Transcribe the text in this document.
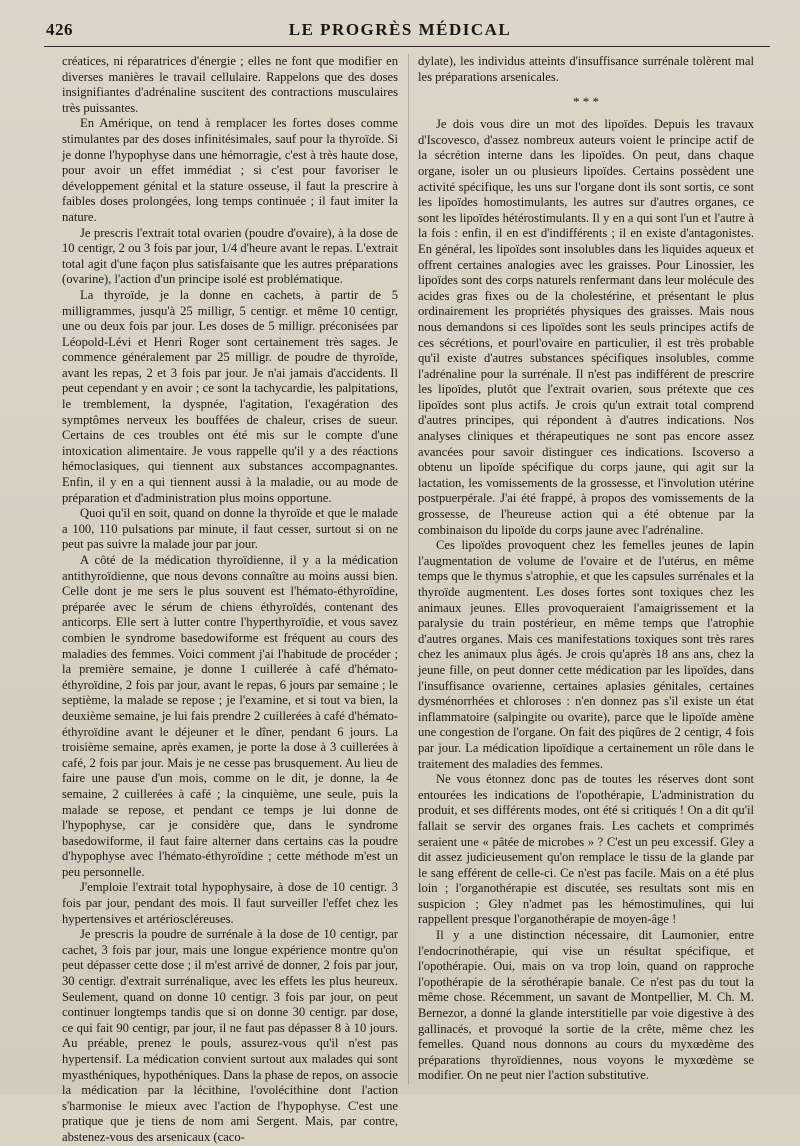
426	LE PROGRÈS MÉDICAL

créatices, ni réparatrices d'énergie ; elles ne font que modifier en diverses manières le travail cellulaire. Rappelons que des doses insignifiantes d'adrénaline suscitent des contractions musculaires très puissantes.

En Amérique, on tend à remplacer les fortes doses comme stimulantes par des doses infinitésimales, sauf pour la thyroïde. Si je donne l'hypophyse dans une hémorragie, c'est à très haute dose, pour avoir un effet immédiat ; si c'est pour favoriser le développement génital et la stature osseuse, il faut la prescrire à faibles doses prolongées, long temps continuée ; il faut imiter la nature.

Je prescris l'extrait total ovarien (poudre d'ovaire), à la dose de 10 centigr, 2 ou 3 fois par jour, 1/4 d'heure avant le repas. L'extrait total agit d'une façon plus satisfaisante que les autres préparations (ovarine), l'action d'un principe isolé est problématique.

La thyroïde, je la donne en cachets, à partir de 5 milligrammes, jusqu'à 25 milligr, 5 centigr. et même 10 centigr, une ou deux fois par jour. Les doses de 5 milligr. préconisées par Léopold-Lévi et Henri Roger sont certainement très sages. Je commence généralement par 25 milligr. de poudre de thyroïde, avant les repas, 2 et 3 fois par jour. Je n'ai jamais d'accidents. Il peut cependant y en avoir ; ce sont la tachycardie, les palpitations, le tremblement, la dyspnée, l'agitation, l'exagération des symptômes nerveux les bouffées de chaleur, crises de sueur. Certains de ces troubles ont été mis sur le compte d'une intoxication alimentaire. Je vous rappelle qu'il y a des réactions hémoclasiques, qui tiennent aux substances accompagnantes. Enfin, il y en a qui tiennent aussi à la maladie, ou au mode de préparation et d'administration plus moins opportune.

Quoi qu'il en soit, quand on donne la thyroïde et que le malade a 100, 110 pulsations par minute, il faut cesser, surtout si on ne peut pas suivre la malade jour par jour.

A côté de la médication thyroïdienne, il y a la médication antithyroïdienne, que nous devons connaître au moins aussi bien. Celle dont je me sers le plus souvent est l'hémato-éthyroïdine, préparée avec le sérum de chiens éthyroïdés, contenant des anticorps. Elle sert à lutter contre l'hyperthyroïdie, et vous savez combien le syndrome basedowiforme est fréquent au cours des maladies des femmes. Voici comment j'ai l'habitude de procéder ; la première semaine, je donne 1 cuillerée à café d'hémato-éthyroïdine, 2 fois par jour, avant le repas, 6 jours par semaine ; le septième, la malade se repose ; je l'examine, et si tout va bien, la deuxième semaine, je lui fais prendre 2 cuillerées à café d'hémato-éthyroïdine avant le déjeuner et le dîner, pendant 6 jours. La troisième semaine, après examen, je porte la dose à 3 cuillerées à café, 2 fois par jour. Mais je ne cesse pas brusquement. Au lieu de faire une pause d'un mois, comme on le dit, je donne, la 4e semaine, 2 cuillerées à café ; la cinquième, une seule, puis la malade se repose, et pendant ce temps je lui donne de l'hypophyse, car je considère que, dans le syndrome basedowiforme, il faut faire alterner dans certains cas la poudre d'hypophyse avec l'hémato-éthyroïdine ; cette méthode m'est un peu personnelle.

J'emploie l'extrait total hypophysaire, à dose de 10 centigr. 3 fois par jour, pendant des mois. Il faut surveiller l'effet chez les hypertensives et artérioscléreuses.

Je prescris la poudre de surrénale à la dose de 10 centigr, par cachet, 3 fois par jour, mais une longue expérience montre qu'on peut dépasser cette dose ; il m'est arrivé de donner, 2 fois par jour, 30 centigr. d'extrait surrénalique, avec les effets les plus heureux. Seulement, quand on donne 10 centigr. 3 fois par jour, on peut continuer longtemps tandis que si on donne 30 centigr. par dose, ce qui fait 90 centigr, par jour, il ne faut pas dépasser 8 à 10 jours. Au préable, prenez le pouls, assurez-vous qu'il n'est pas hypertensif. La médication convient surtout aux malades qui sont myasthéniques, hypothéniques. Dans la phase de repos, on associe la médication par la lécithine, l'ovolécithine dont l'action s'harmonise le mieux avec l'action de l'hypophyse. C'est une pratique que je tiens de nom ami Sergent. Mais, par contre, abstenez-vous des arsenicaux (caco-

dylate), les individus atteints d'insuffisance surrénale tolèrent mal les préparations arsenicales.

* * *

Je dois vous dire un mot des lipoïdes. Depuis les travaux d'Iscovesco, d'assez nombreux auteurs voient le principe actif de la sécrétion interne dans les lipoïdes. On peut, dans chaque organe, isoler un ou plusieurs lipoïdes. Certains possèdent une activité spécifique, les uns sur l'organe dont ils sont sortis, ce sont les lipoïdes homostimulants, les autres sur d'autres organes, ce sont les lipoïdes hétérostimulants. Il y en a qui sont l'un et l'autre à la fois : enfin, il en est d'indifférents ; il en existe d'antagonistes. En général, les lipoïdes sont insolubles dans les liquides aqueux et offrent certaines analogies avec les graisses. Pour Linossier, les lipoïdes sont des corps naturels renfermant dans leur molécule des acides gras fixes ou de la cholestérine, et présentant le plus ordinairement les propriétés physiques des graisses. Mais nous nous demandons si ces lipoïdes sont les seuls principes actifs de ces sécrétions, et pourl'ovaire en particulier, il est très probable qu'il existe d'autres substances spécifiques insolubles, comme l'adrénaline pour la surrénale. Il n'est pas indifférent de prescrire les lipoïdes, plutôt que l'extrait ovarien, sous prétexte que ces lipoïdes sont plus actifs. Je crois qu'un extrait total comprend d'autres principes, qui répondent à d'autres indications. Nos analyses cliniques et thérapeutiques ne sont pas encore assez avancées pour savoir distinguer ces indications. Iscoverso a obtenu un lipoïde spécifique du corps jaune, qui agit sur la lactation, les vomissements de la grossesse, et l'involution utérine postpuerpérale. J'ai été frappé, à propos des vomissements de la grossesse, de l'heureuse action qui a été obtenue par la combinaison du lipoïde du corps jaune avec l'adrénaline.

Ces lipoïdes provoquent chez les femelles jeunes de lapin l'augmentation de volume de l'ovaire et de l'utérus, en même temps que le thymus s'atrophie, et que les capsules surrénales et la thyroïde augmentent. Les doses fortes sont toxiques chez les animaux jeunes. Elles provoqueraient l'amaigrissement et la paralysie du train postérieur, en même temps que l'atrophie d'autres organes. Mais ces manifestations toxiques sont très rares chez les animaux plus âgés. Je crois qu'après 18 ans ans, chez la jeune fille, on peut donner cette médication par les lipoïdes, dans l'insuffisance ovarienne, certaines aplasies génitales, certaines dysménorrhées et chloroses : n'en donnez pas s'il existe un état inflammatoire (salpingite ou ovarite), parce que le lipoïde amène une congestion de l'organe. On fait des piqûres de 2 centigr, 4 fois par jour. La médication lipoïdique a certainement un rôle dans le traitement des maladies des femmes.

Ne vous étonnez donc pas de toutes les réserves dont sont entourées les indications de l'opothérapie, L'administration du produit, et ses différents modes, ont été si critiqués ! On a dit qu'il fallait se servir des organes frais. Les cachets et comprimés seraient une « pâtée de microbes » ? C'est un peu excessif. Gley a dit assez judicieusement qu'on remplace le tissu de la glande par le sang efférent de celle-ci. Ce n'est pas facile. Mais on a été plus loin ; l'organothérapie est discutée, ses resultats sont mis en suspicion ; Gley n'admet pas les hémostimulines, qui lui rappellent presque l'organothérapie de moyen-âge !

Il y a une distinction nécessaire, dit Laumonier, entre l'endocrinothérapie, qui vise un résultat spécifique, et l'opothérapie. Oui, mais on va trop loin, quand on rapproche l'opothérapie de la sérothérapie banale. Ce n'est pas du tout la même chose. Récemment, un savant de Montpellier, M. Ch. M. Bernezor, a donné la glande interstitielle par voie digestive à des gallinacés, et provoqué la sortie de la crête, même chez les femelles. Quand nous donnons au cours du myxœdème des préparations thyroïdiennes, nous voyons le myxœdème se modifier. On ne peut nier l'action substitutive.
